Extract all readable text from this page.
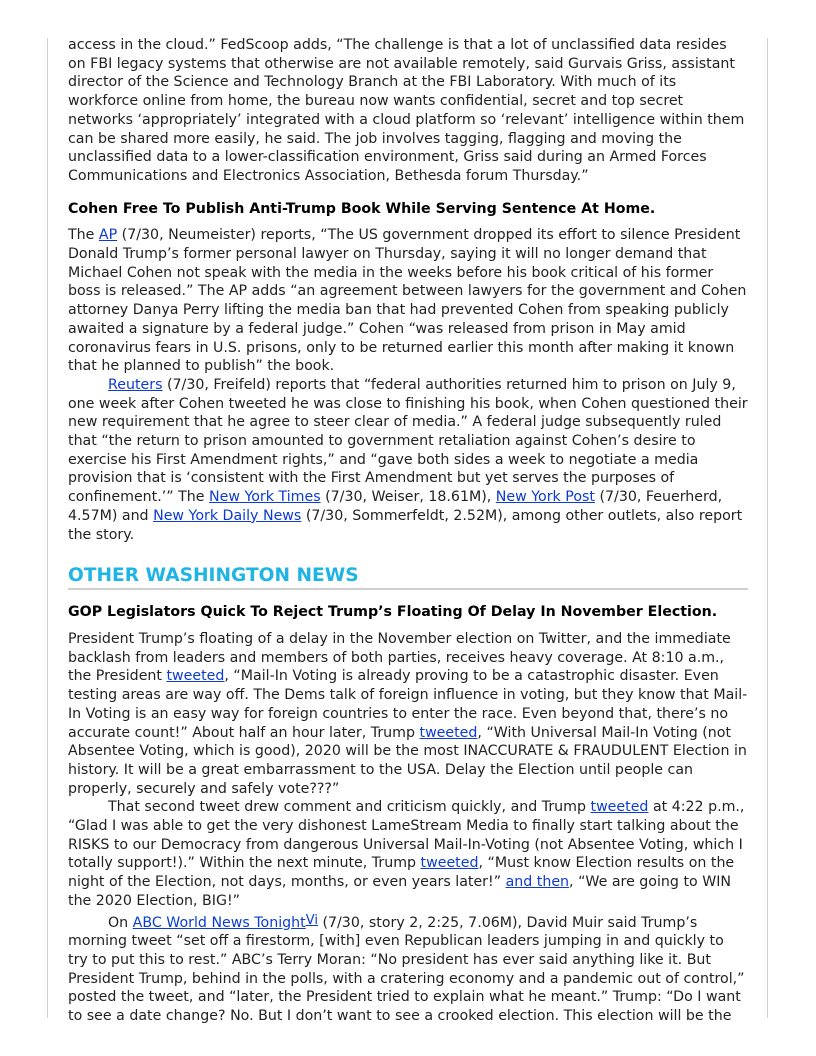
access in the cloud.” FedScoop adds, “The challenge is that a lot of unclassified data resides on FBI legacy systems that otherwise are not available remotely, said Gurvais Griss, assistant director of the Science and Technology Branch at the FBI Laboratory. With much of its workforce online from home, the bureau now wants confidential, secret and top secret networks ‘appropriately’ integrated with a cloud platform so ‘relevant’ intelligence within them can be shared more easily, he said. The job involves tagging, flagging and moving the unclassified data to a lower-classification environment, Griss said during an Armed Forces Communications and Electronics Association, Bethesda forum Thursday.”

Cohen Free To Publish Anti-Trump Book While Serving Sentence At Home.

The AP (7/30, Neumeister) reports, “The US government dropped its effort to silence President Donald Trump’s former personal lawyer on Thursday, saying it will no longer demand that Michael Cohen not speak with the media in the weeks before his book critical of his former boss is released.” The AP adds “an agreement between lawyers for the government and Cohen attorney Danya Perry lifting the media ban that had prevented Cohen from speaking publicly awaited a signature by a federal judge.” Cohen “was released from prison in May amid coronavirus fears in U.S. prisons, only to be returned earlier this month after making it known that he planned to publish” the book.

Reuters (7/30, Freifeld) reports that “federal authorities returned him to prison on July 9, one week after Cohen tweeted he was close to finishing his book, when Cohen questioned their new requirement that he agree to steer clear of media.” A federal judge subsequently ruled that “the return to prison amounted to government retaliation against Cohen’s desire to exercise his First Amendment rights,” and “gave both sides a week to negotiate a media provision that is ‘consistent with the First Amendment but yet serves the purposes of confinement.’” The New York Times (7/30, Weiser, 18.61M), New York Post (7/30, Feuerherd, 4.57M) and New York Daily News (7/30, Sommerfeldt, 2.52M), among other outlets, also report the story.

OTHER WASHINGTON NEWS
GOP Legislators Quick To Reject Trump’s Floating Of Delay In November Election.

President Trump’s floating of a delay in the November election on Twitter, and the immediate backlash from leaders and members of both parties, receives heavy coverage. At 8:10 a.m., the President tweeted, “Mail-In Voting is already proving to be a catastrophic disaster. Even testing areas are way off. The Dems talk of foreign influence in voting, but they know that Mail-In Voting is an easy way for foreign countries to enter the race. Even beyond that, there’s no accurate count!” About half an hour later, Trump tweeted, “With Universal Mail-In Voting (not Absentee Voting, which is good), 2020 will be the most INACCURATE & FRAUDULENT Election in history. It will be a great embarrassment to the USA. Delay the Election until people can properly, securely and safely vote???”

That second tweet drew comment and criticism quickly, and Trump tweeted at 4:22 p.m., “Glad I was able to get the very dishonest LameStream Media to finally start talking about the RISKS to our Democracy from dangerous Universal Mail-In-Voting (not Absentee Voting, which I totally support!).” Within the next minute, Trump tweeted, “Must know Election results on the night of the Election, not days, months, or even years later!” and then, “We are going to WIN the 2020 Election, BIG!”

On ABC World News Tonight$^{Vi}$ (7/30, story 2, 2:25, 7.06M), David Muir said Trump’s morning tweet “set off a firestorm, [with] even Republican leaders jumping in and quickly to try to put this to rest.” ABC’s Terry Moran: “No president has ever said anything like it. But President Trump, behind in the polls, with a cratering economy and a pandemic out of control,” posted the tweet, and “later, the President tried to explain what he meant.” Trump: “Do I want to see a date change? No. But I don’t want to see a crooked election. This election will be the
